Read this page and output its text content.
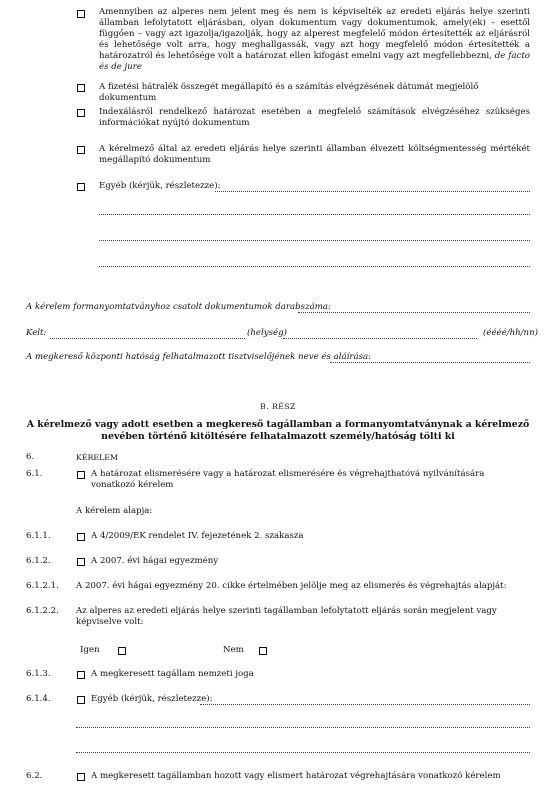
Amennyiben az alperes nem jelent meg és nem is képviselték az eredeti eljárás helye szerinti államban lefolytatott eljárásban, olyan dokumentum vagy dokumentumok, amely(ek) – esettől függően – vagy azt igazolja/igazolják, hogy az alperest megfelelő módon értesítették az eljárásról és lehetősége volt arra, hogy meghallgassák, vagy azt hogy megfelelő módon értesítették a határozatról és lehetősége volt a határozat ellen kifogást emelni vagy azt megfellebbezni, de facto és de jure
A fizetési hátralék összegét megállapító és a számítás elvégzésének dátumát megjelölő dokumentum
Indexálásról rendelkező határozat esetében a megfelelő számítások elvégzéséhez szükséges információkat nyújtó dokumentum
A kérelmező által az eredeti eljárás helye szerinti államban élvezett költségmentesség mértékét megállapító dokumentum
Egyéb (kérjük, részletezze):
A kérelem formanyomtatványhoz csatolt dokumentumok darabszáma:
Kelt:	(helység)	(éééé/hh/nn)
A megkereső központi hatóság felhatalmazott tisztviselőjének neve és aláírása:
B. RÉSZ
A kérelmező vagy adott esetben a megkereső tagállamban a formanyomtatványnak a kérelmező nevében történő kitöltésére felhatalmazott személy/hatóság tölti ki
6.	KÉRELEM
6.1.	A határozat elismerésére vagy a határozat elismerésére és végrehajthatóvá nyilvánítására vonatkozó kérelem
A kérelem alapja:
6.1.1.	A 4/2009/EK rendelet IV. fejezetének 2. szakasza
6.1.2.	A 2007. évi hágai egyezmény
6.1.2.1. A 2007. évi hágai egyezmény 20. cikke értelmében jelölje meg az elismerés és végrehajtás alapját:
6.1.2.2. Az alperes az eredeti eljárás helye szerinti tagállamban lefolytatott eljárás során megjelent vagy képviselve volt:
Igen	Nem
6.1.3.	A megkeresett tagállam nemzeti joga
6.1.4.	Egyéb (kérjük, részletezze):
6.2.	A megkeresett tagállamban hozott vagy elismert határozat végrehajtására vonatkozó kérelem
